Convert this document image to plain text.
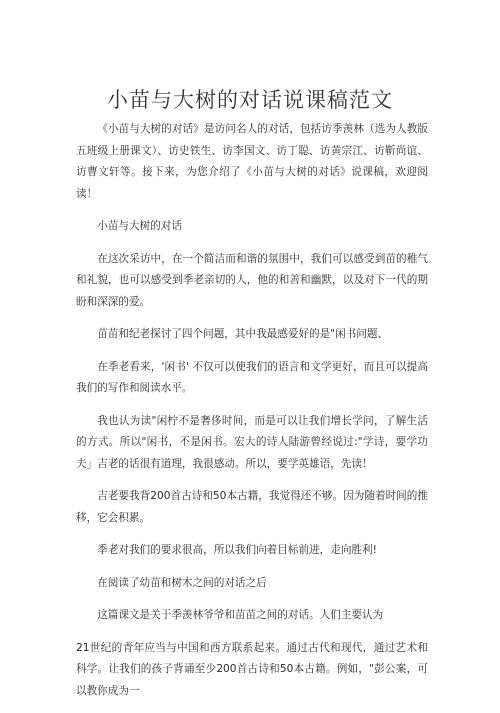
小苗与大树的对话说课稿范文

《小苗与大树的对话》是访问名人的对话，包括访季羡林（选为人教版五班级上册课文）、访史铁生、访李国文、访丁聪、访黄宗江、访靳尚谊、访曹文轩等。接下来，为您介绍了《小苗与大树的对话》说课稿，欢迎阅读！

小苗与大树的对话

在这次采访中，在一个简洁而和谐的氛围中，我们可以感受到苗的稚气和礼貌，也可以感受到季老亲切的人，他的和善和幽默，以及对下一代的期盼和深深的爱。

苗苗和纪老探讨了四个问题，其中我最感爱好的是"闲书问题、

在季老看来，'闲书' 不仅可以使我们的语言和文学更好，而且可以提高我们的写作和阅读水平。

我也认为读"闲柠不是奢侈时间，而是可以让我们增长学问，了解生活的方式。所以"闲书，不是闲书。宏大的诗人陆游曾经说过:"学诗，要学功夫」吉老的话很有道理，我很感动。所以，要学英雄语，先读！

吉老要我背200首古诗和50本古籍，我觉得还不够。因为随着时间的推移，它会积累。

季老对我们的要求很高，所以我们向着目标前进，走向胜利!

在阅读了幼苗和树木之间的对话之后

这篇课文是关于季羡林爷爷和苗苗之间的对话。人们主要认为

21世纪的青年应当与中国和西方联系起来。通过古代和现代，通过艺术和科学。让我们的孩子背诵至少200首古诗和50本古籍。例如，"彭公案，可以教你成为一
